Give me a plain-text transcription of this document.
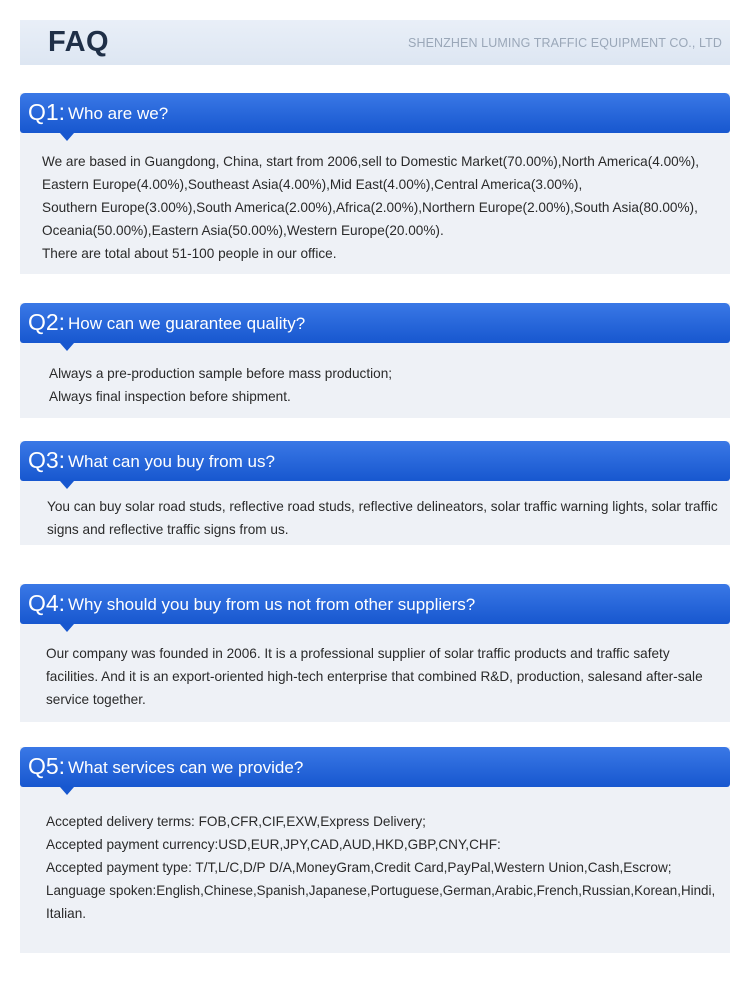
FAQ	SHENZHEN LUMING TRAFFIC EQUIPMENT CO., LTD
Q1: Who are we?
We are based in Guangdong, China, start from 2006,sell to Domestic Market(70.00%),North America(4.00%),
Eastern Europe(4.00%),Southeast Asia(4.00%),Mid East(4.00%),Central America(3.00%),
Southern Europe(3.00%),South America(2.00%),Africa(2.00%),Northern Europe(2.00%),South Asia(80.00%),
Oceania(50.00%),Eastern Asia(50.00%),Western Europe(20.00%).
There are total about 51-100 people in our office.
Q2: How can we guarantee quality?
Always a pre-production sample before mass production;
Always final inspection before shipment.
Q3: What can you buy from us?
You can buy solar road studs, reflective road studs, reflective delineators, solar traffic warning lights, solar traffic
signs and reflective traffic signs from us.
Q4: Why should you buy from us not from other suppliers?
Our company was founded in 2006. It is a professional supplier of solar traffic products and traffic safety
facilities. And it is an export-oriented high-tech enterprise that combined R&D, production, salesand after-sale
service together.
Q5: What services can we provide?
Accepted delivery terms: FOB,CFR,CIF,EXW,Express Delivery;
Accepted payment currency:USD,EUR,JPY,CAD,AUD,HKD,GBP,CNY,CHF:
Accepted payment type: T/T,L/C,D/P D/A,MoneyGram,Credit Card,PayPal,Western Union,Cash,Escrow;
Language spoken:English,Chinese,Spanish,Japanese,Portuguese,German,Arabic,French,Russian,Korean,Hindi,
Italian.
